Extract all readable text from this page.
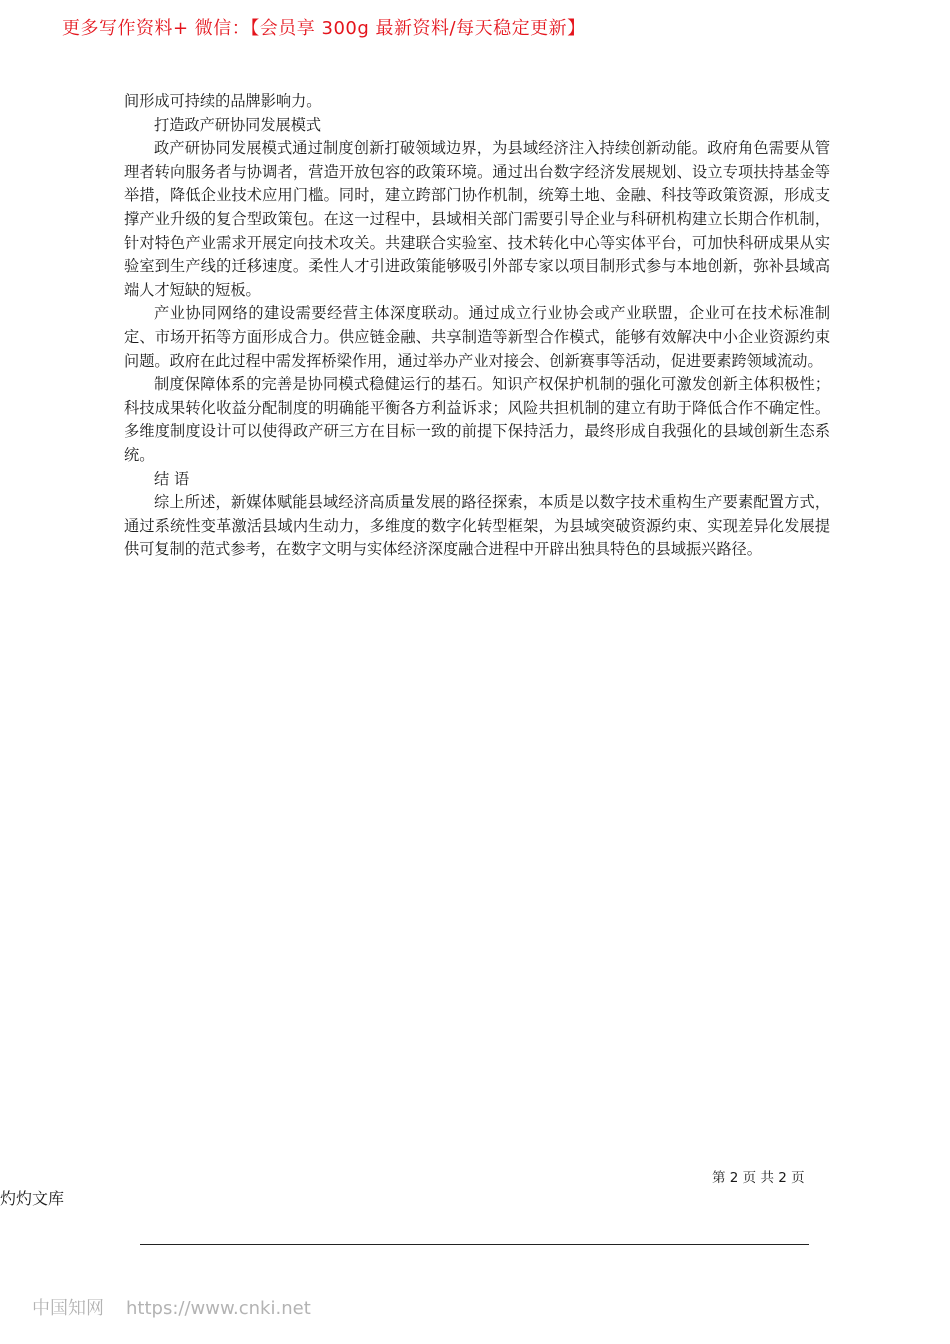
更多写作资料+ 微信：【会员享 300g 最新资料/每天稳定更新】

间形成可持续的品牌影响力。

打造政产研协同发展模式

政产研协同发展模式通过制度创新打破领域边界，为县域经济注入持续创新动能。政府角色需要从管理者转向服务者与协调者，营造开放包容的政策环境。通过出台数字经济发展规划、设立专项扶持基金等举措，降低企业技术应用门槛。同时，建立跨部门协作机制，统筹土地、金融、科技等政策资源，形成支撑产业升级的复合型政策包。在这一过程中，县域相关部门需要引导企业与科研机构建立长期合作机制，针对特色产业需求开展定向技术攻关。共建联合实验室、技术转化中心等实体平台，可加快科研成果从实验室到生产线的迁移速度。柔性人才引进政策能够吸引外部专家以项目制形式参与本地创新，弥补县域高端人才短缺的短板。

产业协同网络的建设需要经营主体深度联动。通过成立行业协会或产业联盟，企业可在技术标准制定、市场开拓等方面形成合力。供应链金融、共享制造等新型合作模式，能够有效解决中小企业资源约束问题。政府在此过程中需发挥桥梁作用，通过举办产业对接会、创新赛事等活动，促进要素跨领域流动。

制度保障体系的完善是协同模式稳健运行的基石。知识产权保护机制的强化可激发创新主体积极性；科技成果转化收益分配制度的明确能平衡各方利益诉求；风险共担机制的建立有助于降低合作不确定性。多维度制度设计可以使得政产研三方在目标一致的前提下保持活力，最终形成自我强化的县域创新生态系统。

结 语

综上所述，新媒体赋能县域经济高质量发展的路径探索，本质是以数字技术重构生产要素配置方式，通过系统性变革激活县域内生动力，多维度的数字化转型框架，为县域突破资源约束、实现差异化发展提供可复制的范式参考，在数字文明与实体经济深度融合进程中开辟出独具特色的县域振兴路径。

第 2 页 共 2 页
灼灼文库
中国知网 https://www.cnki.net
